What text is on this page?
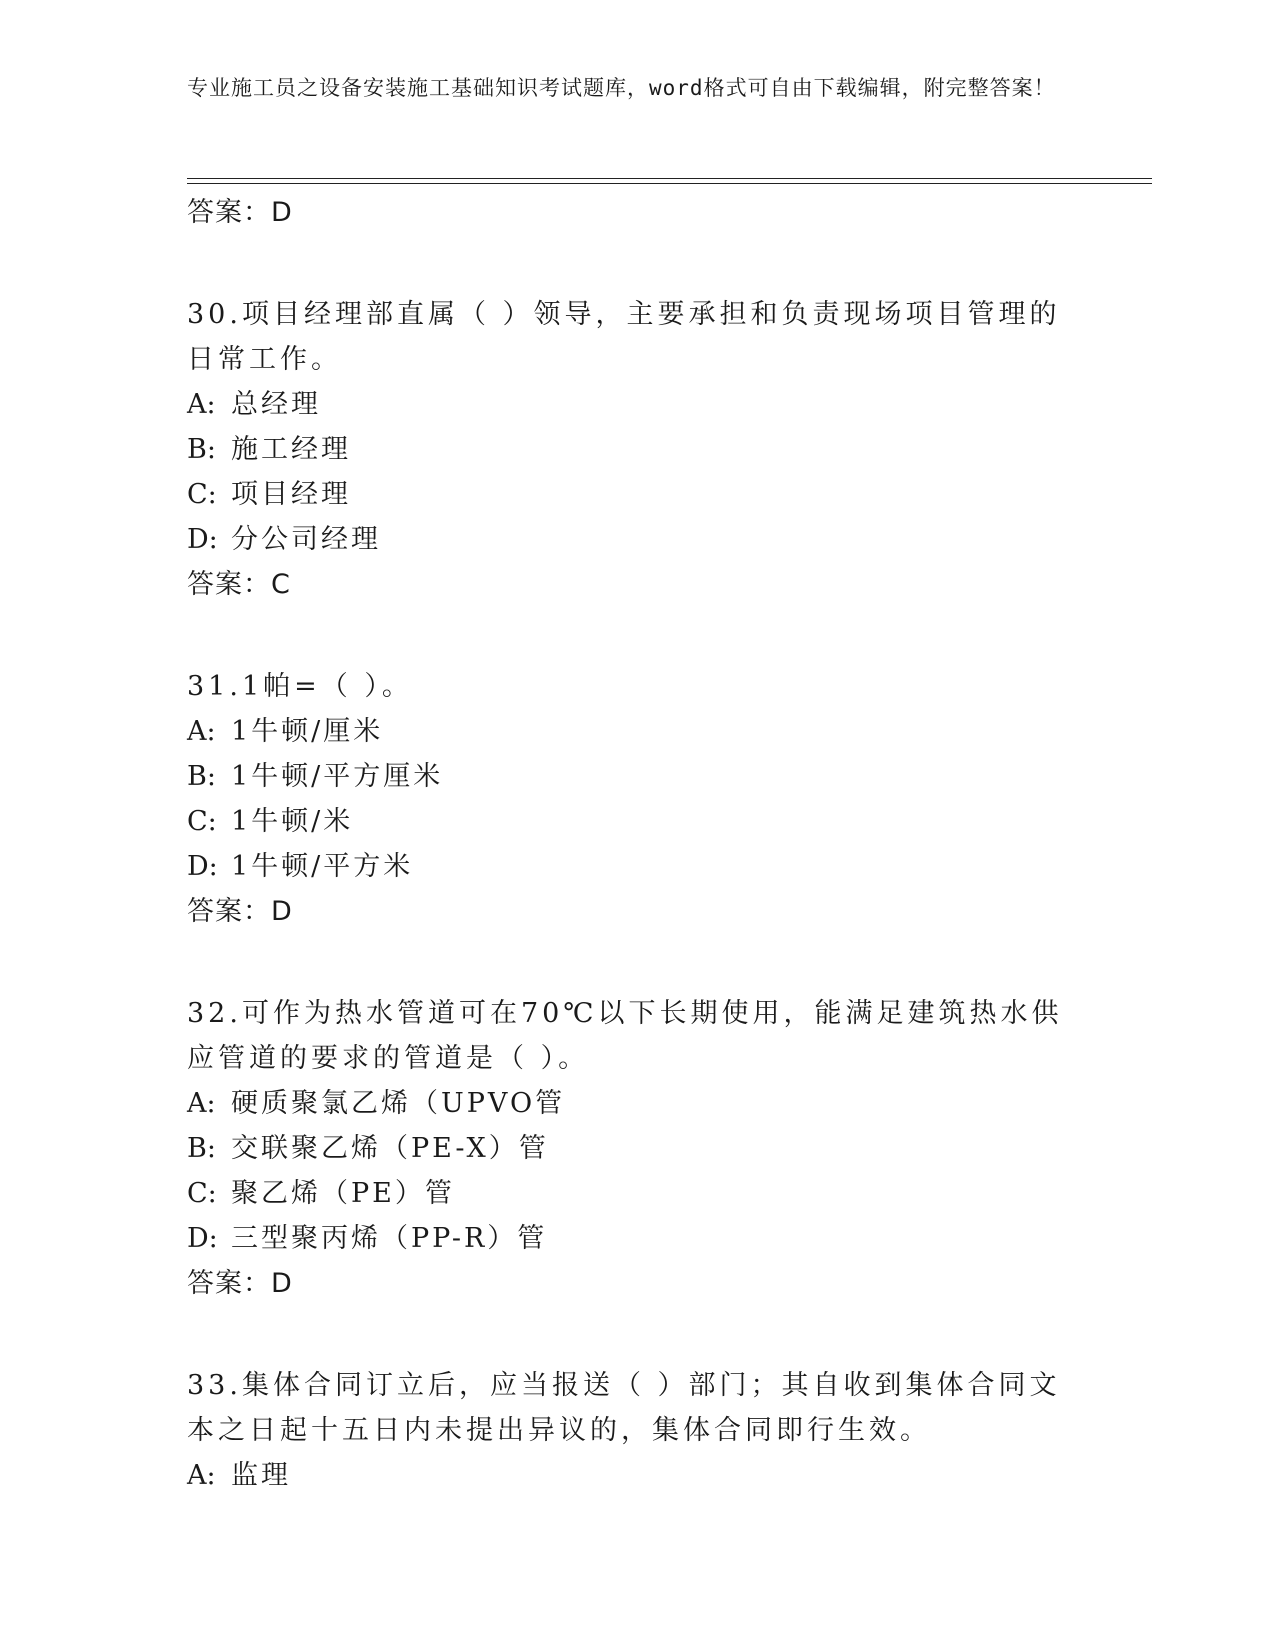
专业施工员之设备安装施工基础知识考试题库，word格式可自由下载编辑，附完整答案！
答案：D
30.项目经理部直属（ ）领导，主要承担和负责现场项目管理的日常工作。
A: 总经理
B: 施工经理
C: 项目经理
D: 分公司经理
答案：C
31.1帕=（ ）。
A: 1牛顿/厘米
B: 1牛顿/平方厘米
C: 1牛顿/米
D: 1牛顿/平方米
答案：D
32.可作为热水管道可在70℃以下长期使用，能满足建筑热水供应管道的要求的管道是（ ）。
A: 硬质聚氯乙烯（UPVO管
B: 交联聚乙烯（PE-X）管
C: 聚乙烯（PE）管
D: 三型聚丙烯（PP-R）管
答案：D
33.集体合同订立后，应当报送（ ）部门；其自收到集体合同文本之日起十五日内未提出异议的，集体合同即行生效。
A: 监理
